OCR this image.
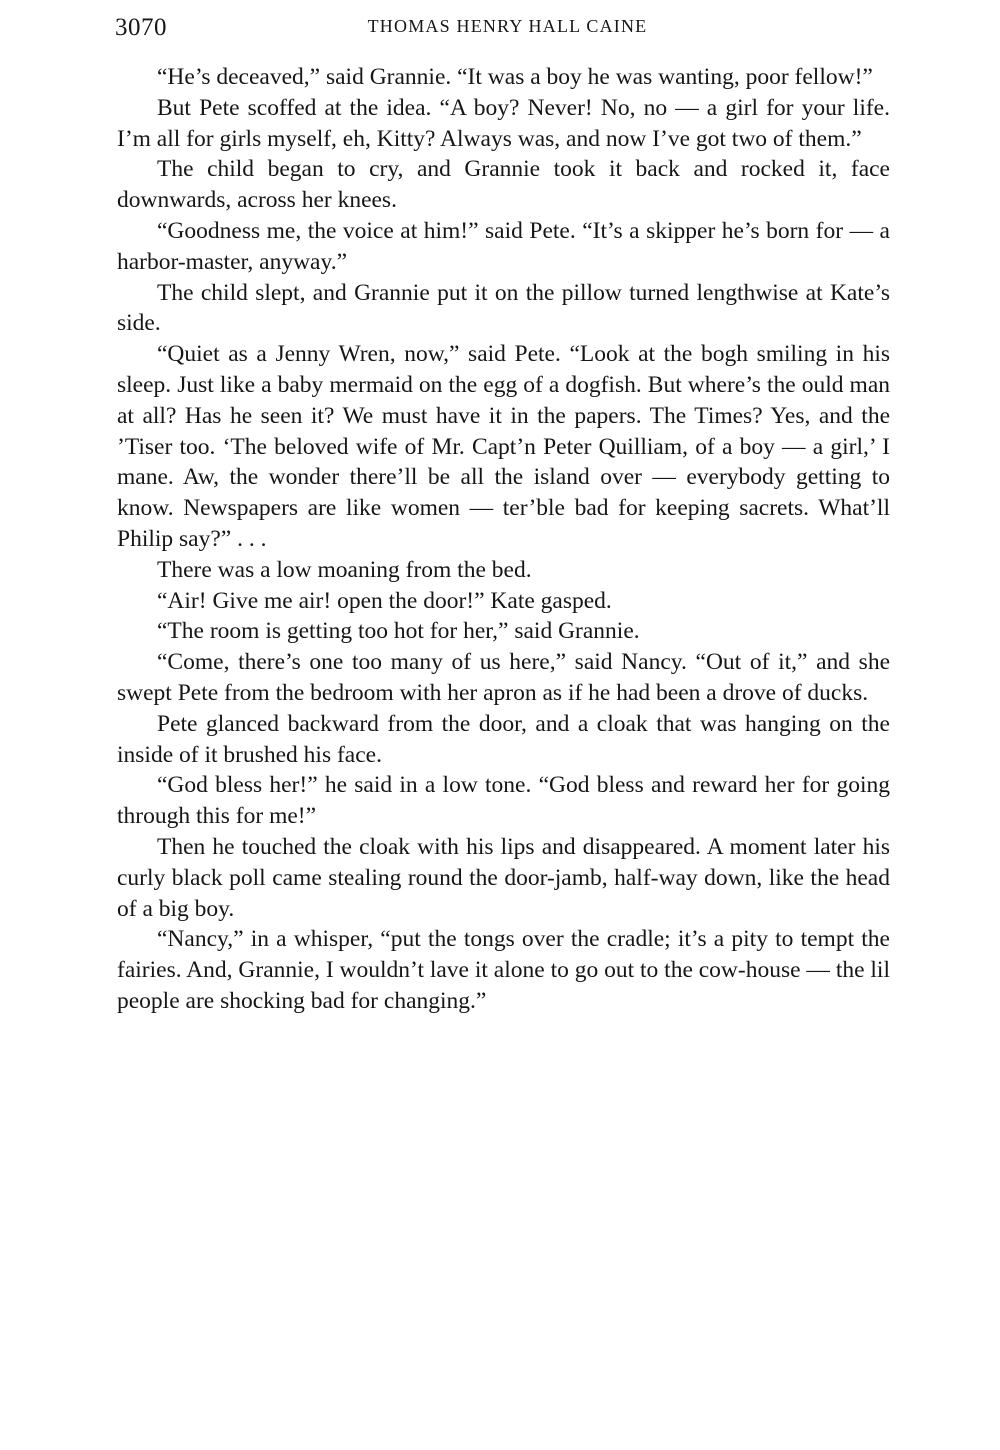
3070	THOMAS HENRY HALL CAINE

“He’s deceaved,” said Grannie. “It was a boy he was wanting, poor fellow!”

But Pete scoffed at the idea. “A boy? Never! No, no — a girl for your life. I’m all for girls myself, eh, Kitty? Always was, and now I’ve got two of them.”

The child began to cry, and Grannie took it back and rocked it, face downwards, across her knees.

“Goodness me, the voice at him!” said Pete. “It’s a skipper he’s born for — a harbor-master, anyway.”

The child slept, and Grannie put it on the pillow turned lengthwise at Kate’s side.

“Quiet as a Jenny Wren, now,” said Pete. “Look at the bogh smiling in his sleep. Just like a baby mermaid on the egg of a dogfish. But where’s the ould man at all? Has he seen it? We must have it in the papers. The Times? Yes, and the ’Tiser too. ‘The beloved wife of Mr. Capt’n Peter Quilliam, of a boy — a girl,’ I mane. Aw, the wonder there’ll be all the island over — everybody getting to know. Newspapers are like women — ter’ble bad for keeping sacrets. What’ll Philip say?” . . .

There was a low moaning from the bed.

“Air! Give me air! open the door!” Kate gasped.

“The room is getting too hot for her,” said Grannie.

“Come, there’s one too many of us here,” said Nancy. “Out of it,” and she swept Pete from the bedroom with her apron as if he had been a drove of ducks.

Pete glanced backward from the door, and a cloak that was hanging on the inside of it brushed his face.

“God bless her!” he said in a low tone. “God bless and reward her for going through this for me!”

Then he touched the cloak with his lips and disappeared. A moment later his curly black poll came stealing round the door-jamb, half-way down, like the head of a big boy.

“Nancy,” in a whisper, “put the tongs over the cradle; it’s a pity to tempt the fairies. And, Grannie, I wouldn’t lave it alone to go out to the cow-house — the lil people are shocking bad for changing.”
